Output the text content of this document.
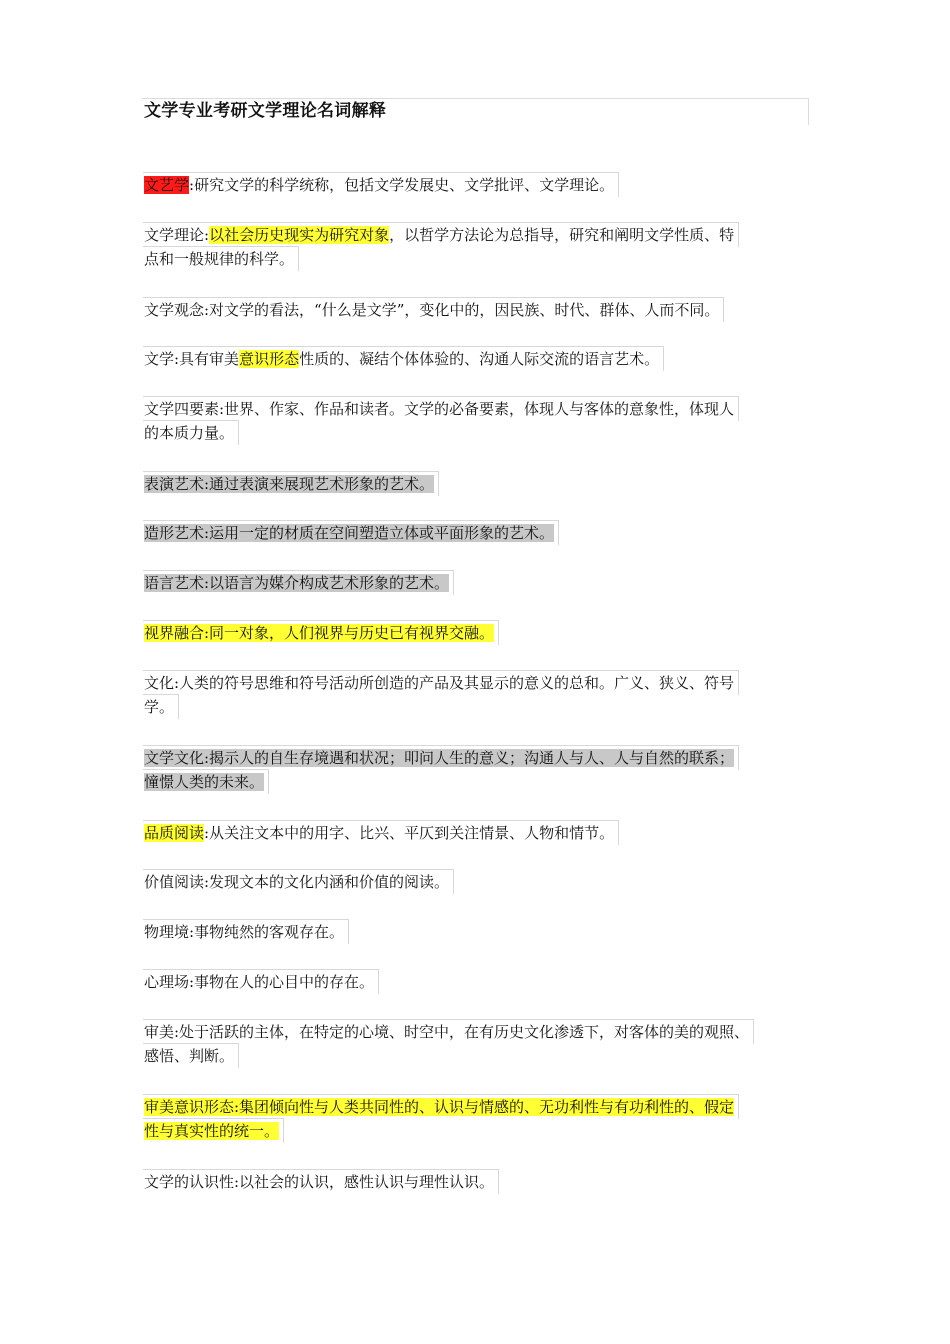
文学专业考研文学理论名词解释
文艺学:研究文学的科学统称，包括文学发展史、文学批评、文学理论。
文学理论:以社会历史现实为研究对象，以哲学方法论为总指导，研究和阐明文学性质、特
点和一般规律的科学。
文学观念:对文学的看法，“什么是文学”，变化中的，因民族、时代、群体、人而不同。
文学:具有审美意识形态性质的、凝结个体体验的、沟通人际交流的语言艺术。
文学四要素:世界、作家、作品和读者。文学的必备要素，体现人与客体的意象性，体现人
的本质力量。
表演艺术:通过表演来展现艺术形象的艺术。
造形艺术:运用一定的材质在空间塑造立体或平面形象的艺术。
语言艺术:以语言为媒介构成艺术形象的艺术。
视界融合:同一对象，人们视界与历史已有视界交融。
文化:人类的符号思维和符号活动所创造的产品及其显示的意义的总和。广义、狭义、符号
学。
文学文化:揭示人的自生存境遇和状况；叩问人生的意义；沟通人与人、人与自然的联系；
憧憬人类的未来。
品质阅读:从关注文本中的用字、比兴、平仄到关注情景、人物和情节。
价值阅读:发现文本的文化内涵和价值的阅读。
物理境:事物纯然的客观存在。
心理场:事物在人的心目中的存在。
审美:处于活跃的主体，在特定的心境、时空中，在有历史文化渗透下，对客体的美的观照、
感悟、判断。
审美意识形态:集团倾向性与人类共同性的、认识与情感的、无功利性与有功利性的、假定
性与真实性的统一。
文学的认识性:以社会的认识，感性认识与理性认识。
